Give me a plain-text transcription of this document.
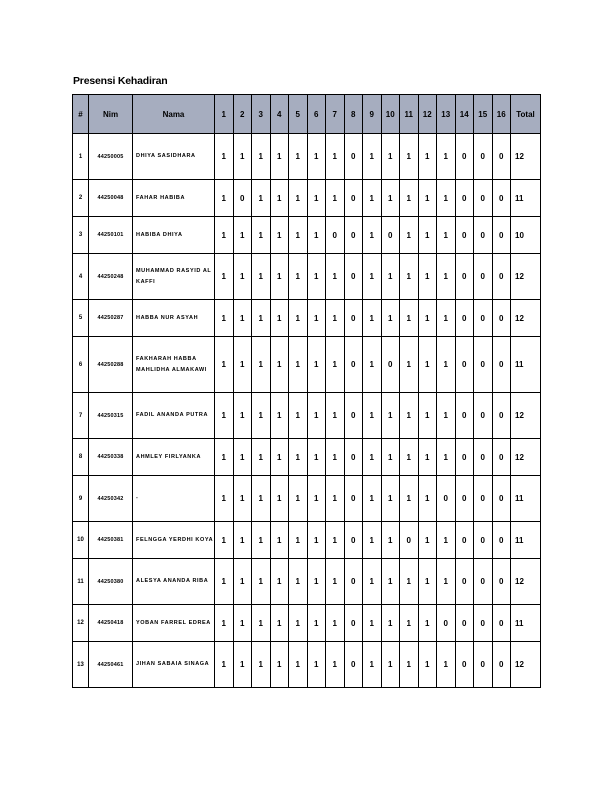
Presensi Kehadiran
#	Nim	Nama	1	2	3	4	5	6	7	8	9	10	11	12	13	14	15	16	Total
1	44250005	DHIYA SASIDHARA	1	1	1	1	1	1	1	0	1	1	1	1	1	0	0	0	12
2	44250048	FAHAR HABIBA	1	0	1	1	1	1	1	0	1	1	1	1	1	0	0	0	11
3	44250101	HABIBA DHIYA	1	1	1	1	1	1	0	0	1	0	1	1	1	0	0	0	10
4	44250248	MUHAMMAD RASYID AL KAFFI	1	1	1	1	1	1	1	0	1	1	1	1	1	0	0	0	12
5	44250287	HABBA NUR ASYAH	1	1	1	1	1	1	1	0	1	1	1	1	1	0	0	0	12
6	44250288	FAKHARAH HABBA MAHLIDHA ALMAKAWI	1	1	1	1	1	1	1	0	1	0	1	1	1	0	0	0	11
7	44250315	FADIL ANANDA PUTRA	1	1	1	1	1	1	1	0	1	1	1	1	1	0	0	0	12
8	44250338	AHMLEY FIRLYANKA	1	1	1	1	1	1	1	0	1	1	1	1	1	0	0	0	12
9	44250342	-	1	1	1	1	1	1	1	0	1	1	1	1	0	0	0	0	11
10	44250381	FELNGGA YERDHI KOYA	1	1	1	1	1	1	1	0	1	1	0	1	1	0	0	0	11
11	44250380	ALESYA ANANDA RIBA	1	1	1	1	1	1	1	0	1	1	1	1	1	0	0	0	12
12	44250418	YOBAN FARREL EDREA	1	1	1	1	1	1	1	0	1	1	1	1	0	0	0	0	11
13	44250461	JIHAN SABAIA SINAGA	1	1	1	1	1	1	1	0	1	1	1	1	1	0	0	0	12
